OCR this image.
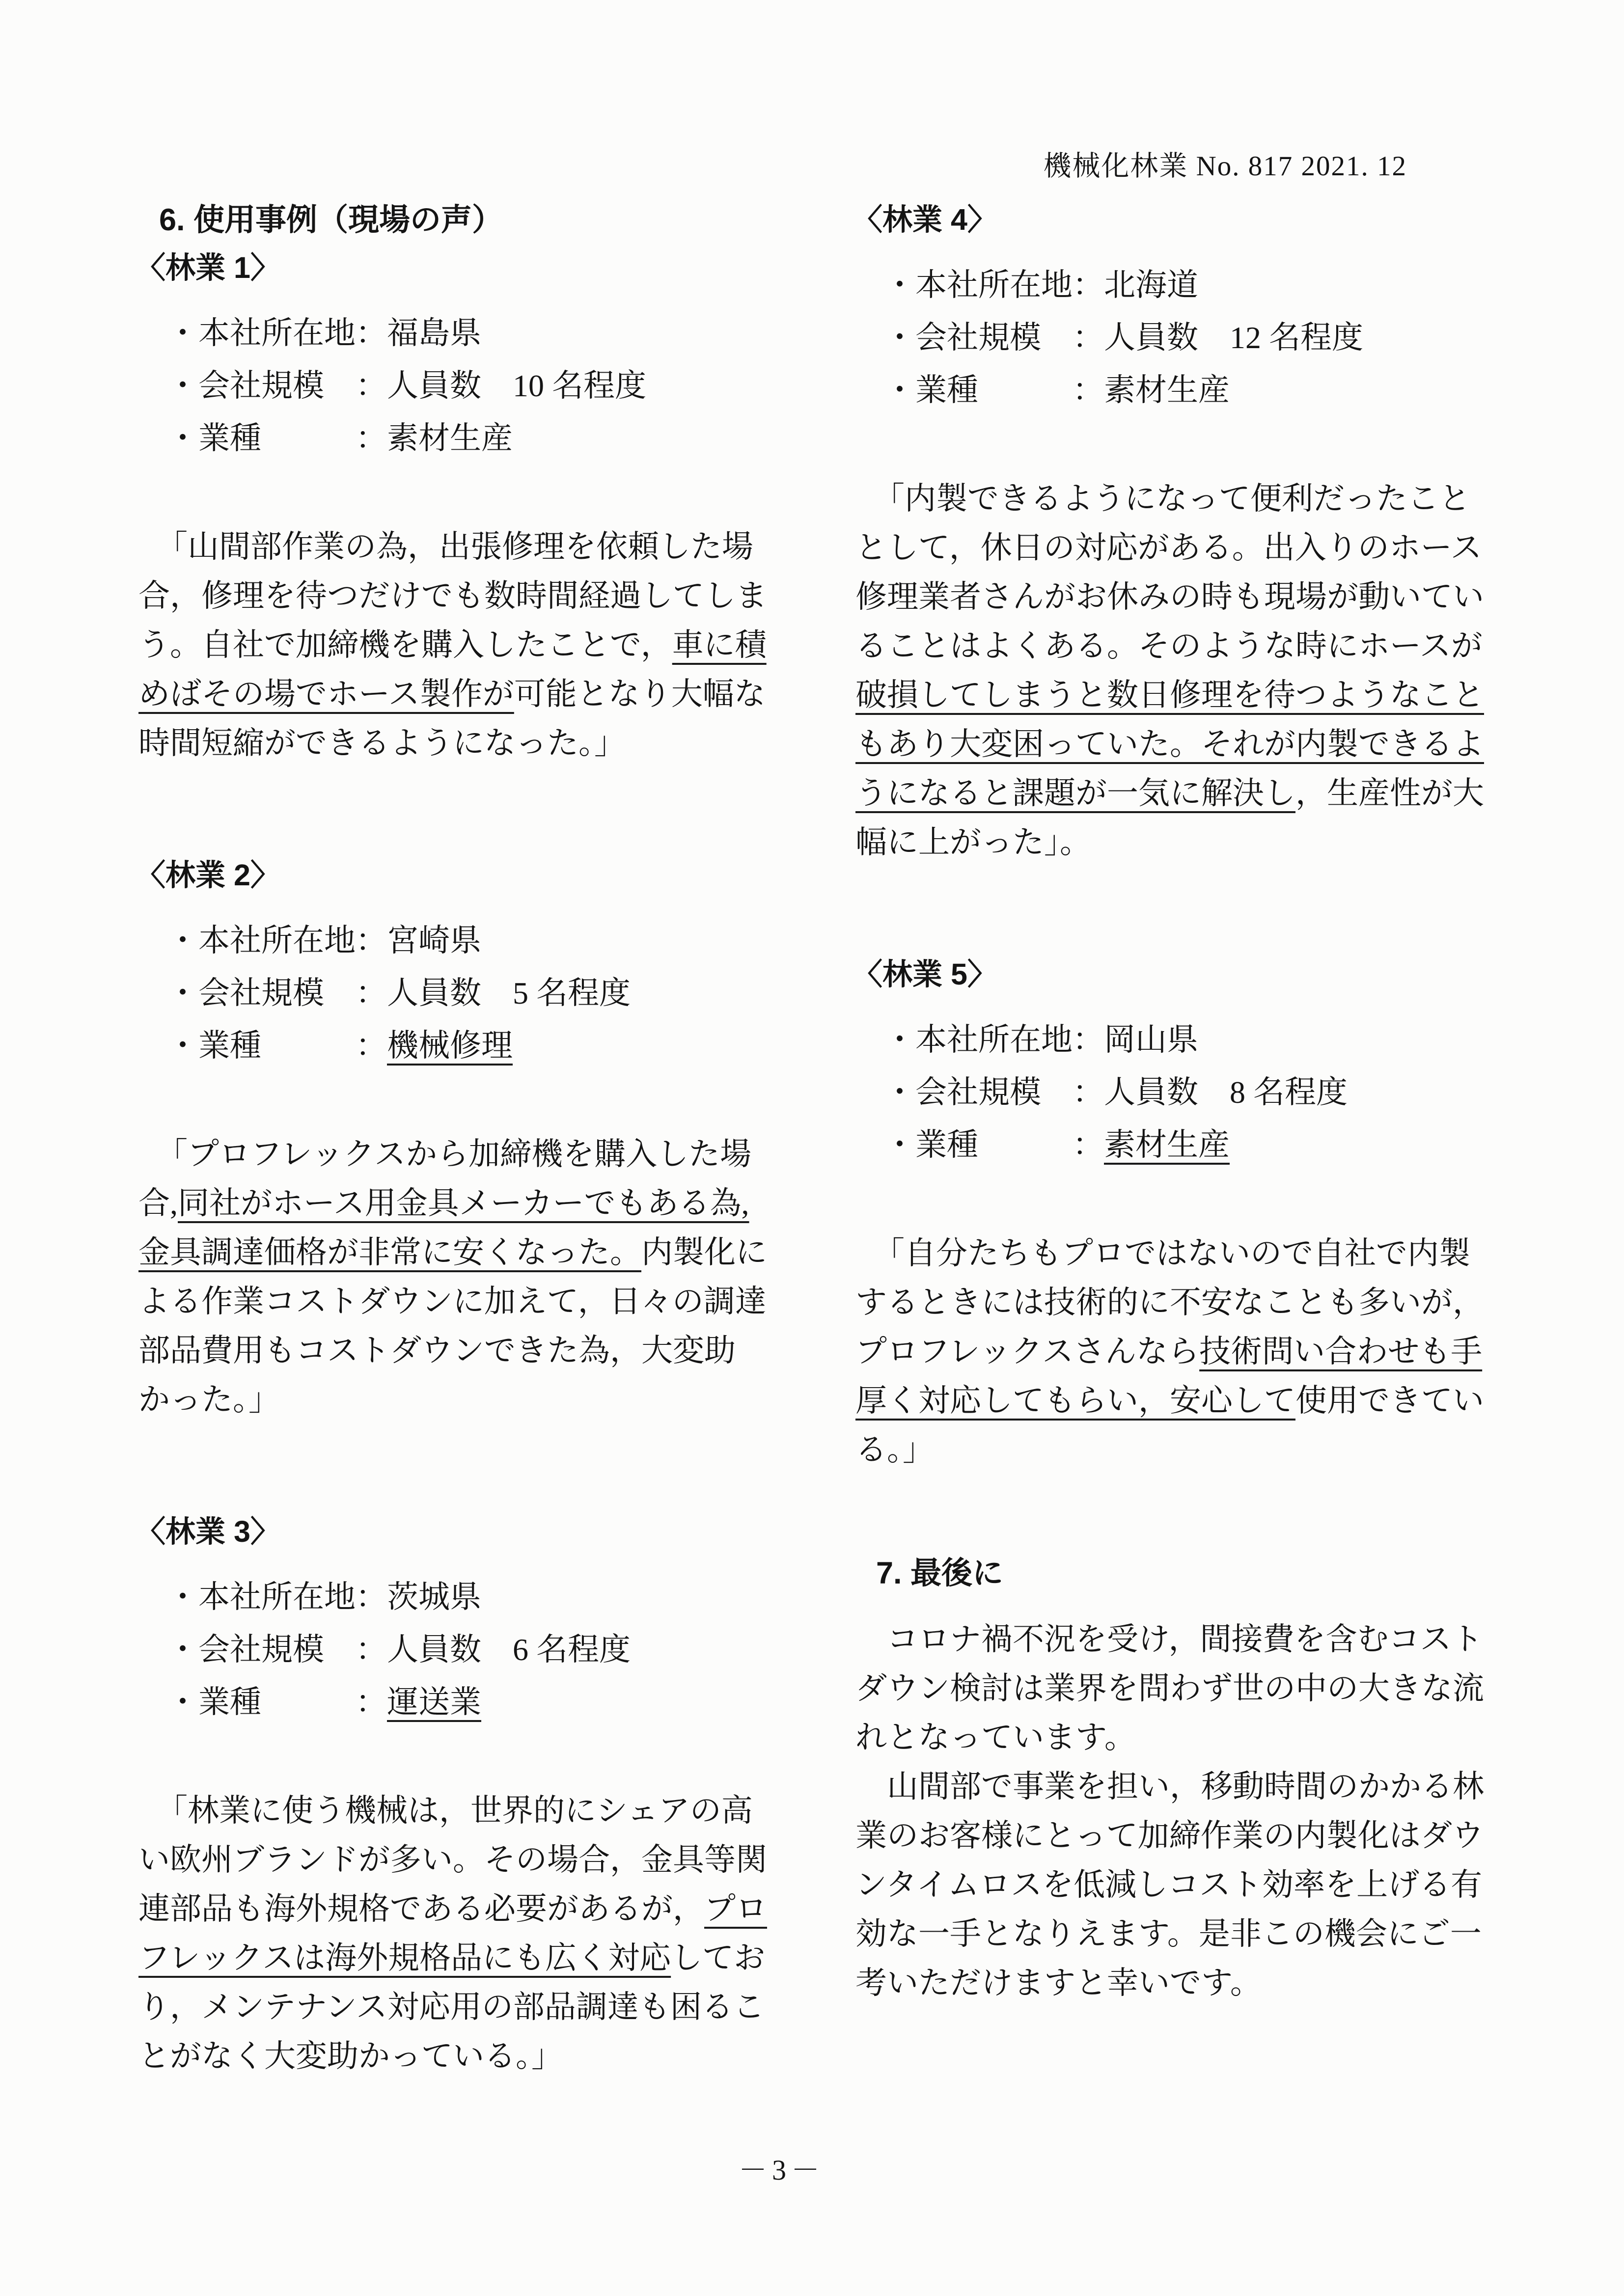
機械化林業 No. 817 2021. 12
6. 使用事例（現場の声）
〈林業 1〉
・本社所在地：福島県
・会社規模　：人員数　10 名程度
・業種　　　：素材生産
「山間部作業の為，出張修理を依頼した場
合，修理を待つだけでも数時間経過してしま
う。自社で加締機を購入したことで，車に積
めばその場でホース製作が可能となり大幅な
時間短縮ができるようになった。」
〈林業 2〉
・本社所在地：宮崎県
・会社規模　：人員数　5 名程度
・業種　　　：機械修理
「プロフレックスから加締機を購入した場
合,同社がホース用金具メーカーでもある為,
金具調達価格が非常に安くなった。内製化に
よる作業コストダウンに加えて，日々の調達
部品費用もコストダウンできた為，大変助
かった。」
〈林業 3〉
・本社所在地：茨城県
・会社規模　：人員数　6 名程度
・業種　　　：運送業
「林業に使う機械は，世界的にシェアの高
い欧州ブランドが多い。その場合，金具等関
連部品も海外規格である必要があるが，プロ
フレックスは海外規格品にも広く対応してお
り，メンテナンス対応用の部品調達も困るこ
とがなく大変助かっている。」
〈林業 4〉
・本社所在地：北海道
・会社規模　：人員数　12 名程度
・業種　　　：素材生産
「内製できるようになって便利だったこと
として，休日の対応がある。出入りのホース
修理業者さんがお休みの時も現場が動いてい
ることはよくある。そのような時にホースが
破損してしまうと数日修理を待つようなこと
もあり大変困っていた。それが内製できるよ
うになると課題が一気に解決し，生産性が大
幅に上がった」。
〈林業 5〉
・本社所在地：岡山県
・会社規模　：人員数　8 名程度
・業種　　　：素材生産
「自分たちもプロではないので自社で内製
するときには技術的に不安なことも多いが，
プロフレックスさんなら技術問い合わせも手
厚く対応してもらい，安心して使用できてい
る。」
7. 最後に
　コロナ禍不況を受け，間接費を含むコスト
ダウン検討は業界を問わず世の中の大きな流
れとなっています。
　山間部で事業を担い，移動時間のかかる林
業のお客様にとって加締作業の内製化はダウ
ンタイムロスを低減しコスト効率を上げる有
効な一手となりえます。是非この機会にご一
考いただけますと幸いです。
－3－
